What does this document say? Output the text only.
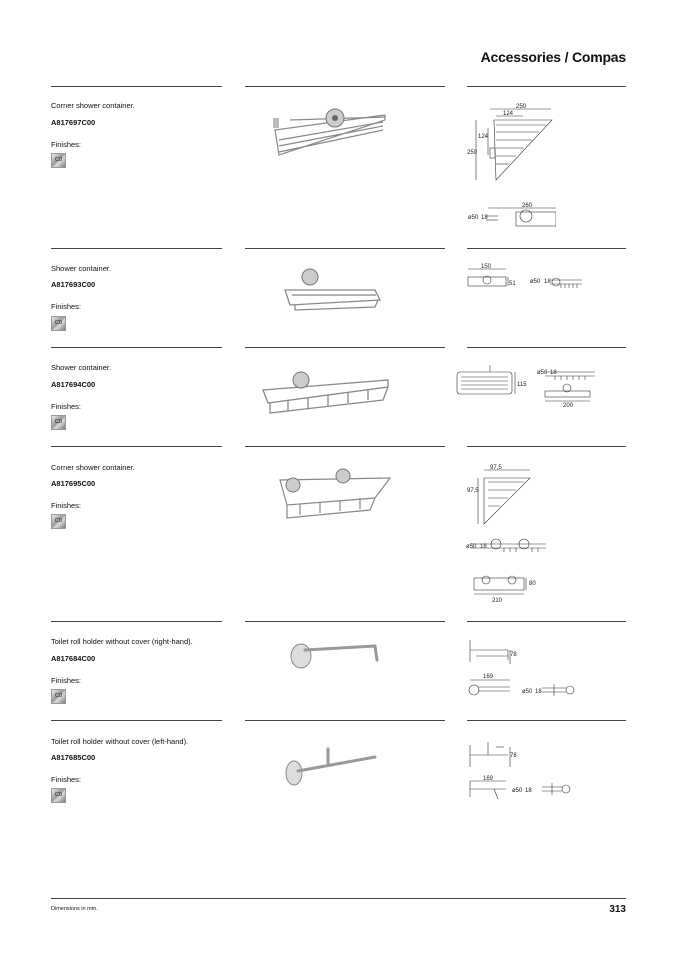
Accessories / Compas
Corner shower container.
A817697C00
Finishes:
C0
250
124
124
250
260
ø50 18
Shower container.
A817693C00
Finishes:
C0
150
51 ø50 18
Shower container.
A817694C00
Finishes:
C0
115
ø50 18
200
Corner shower container.
A817695C00
Finishes:
C0
97,5
97,5
ø50 18
80
210
Toilet roll holder without cover (right-hand).
A817684C00
Finishes:
C0
78
169
ø50 18
Toilet roll holder without cover (left-hand).
A817685C00
Finishes:
C0
78
169
ø50 18
Dimensions in mm.	313
